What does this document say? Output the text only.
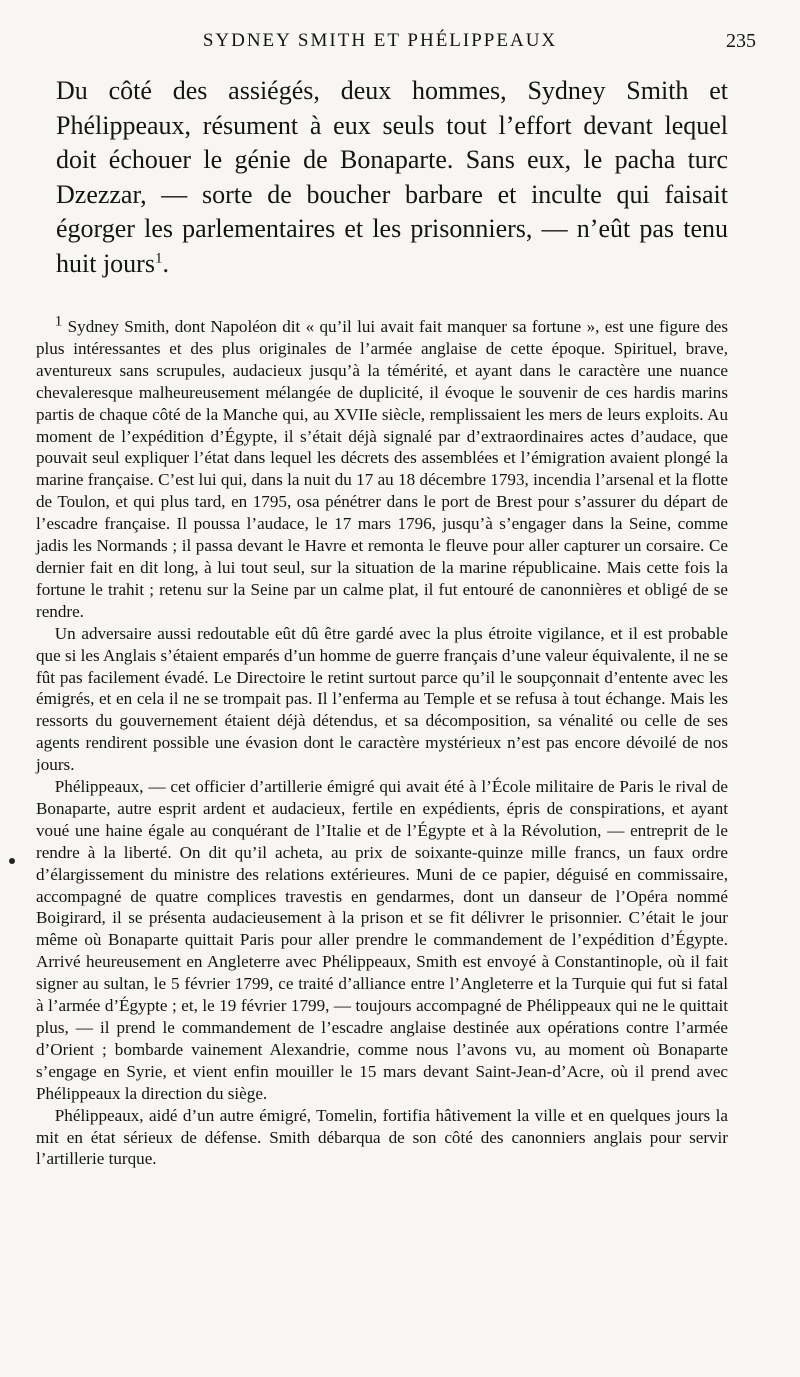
SYDNEY SMITH ET PHÉLIPPEAUX	235
Du côté des assiégés, deux hommes, Sydney Smith et Phélippeaux, résument à eux seuls tout l’effort devant lequel doit échouer le génie de Bonaparte. Sans eux, le pacha turc Dzezzar, — sorte de boucher barbare et inculte qui faisait égorger les parlementaires et les prisonniers, — n’eût pas tenu huit jours$^1$.

1 Sydney Smith, dont Napoléon dit « qu’il lui avait fait manquer sa fortune », est une figure des plus intéressantes et des plus originales de l’armée anglaise de cette époque. Spirituel, brave, aventureux sans scrupules, audacieux jusqu’à la témérité, et ayant dans le caractère une nuance chevaleresque malheureusement mélangée de duplicité, il évoque le souvenir de ces hardis marins partis de chaque côté de la Manche qui, au XVIIe siècle, remplissaient les mers de leurs exploits. Au moment de l’expédition d’Égypte, il s’était déjà signalé par d’extraordinaires actes d’audace, que pouvait seul expliquer l’état dans lequel les décrets des assemblées et l’émigration avaient plongé la marine française. C’est lui qui, dans la nuit du 17 au 18 décembre 1793, incendia l’arsenal et la flotte de Toulon, et qui plus tard, en 1795, osa pénétrer dans le port de Brest pour s’assurer du départ de l’escadre française. Il poussa l’audace, le 17 mars 1796, jusqu’à s’engager dans la Seine, comme jadis les Normands ; il passa devant le Havre et remonta le fleuve pour aller capturer un corsaire. Ce dernier fait en dit long, à lui tout seul, sur la situation de la marine républicaine. Mais cette fois la fortune le trahit ; retenu sur la Seine par un calme plat, il fut entouré de canonnières et obligé de se rendre.

Un adversaire aussi redoutable eût dû être gardé avec la plus étroite vigilance, et il est probable que si les Anglais s’étaient emparés d’un homme de guerre français d’une valeur équivalente, il ne se fût pas facilement évadé. Le Directoire le retint surtout parce qu’il le soupçonnait d’entente avec les émigrés, et en cela il ne se trompait pas. Il l’enferma au Temple et se refusa à tout échange. Mais les ressorts du gouvernement étaient déjà détendus, et sa décomposition, sa vénalité ou celle de ses agents rendirent possible une évasion dont le caractère mystérieux n’est pas encore dévoilé de nos jours.

Phélippeaux, — cet officier d’artillerie émigré qui avait été à l’École militaire de Paris le rival de Bonaparte, autre esprit ardent et audacieux, fertile en expédients, épris de conspirations, et ayant voué une haine égale au conquérant de l’Italie et de l’Égypte et à la Révolution, — entreprit de le rendre à la liberté. On dit qu’il acheta, au prix de soixante-quinze mille francs, un faux ordre d’élargissement du ministre des relations extérieures. Muni de ce papier, déguisé en commissaire, accompagné de quatre complices travestis en gendarmes, dont un danseur de l’Opéra nommé Boigirard, il se présenta audacieusement à la prison et se fit délivrer le prisonnier. C’était le jour même où Bonaparte quittait Paris pour aller prendre le commandement de l’expédition d’Égypte. Arrivé heureusement en Angleterre avec Phélippeaux, Smith est envoyé à Constantinople, où il fait signer au sultan, le 5 février 1799, ce traité d’alliance entre l’Angleterre et la Turquie qui fut si fatal à l’armée d’Égypte ; et, le 19 février 1799, — toujours accompagné de Phélippeaux qui ne le quittait plus, — il prend le commandement de l’escadre anglaise destinée aux opérations contre l’armée d’Orient ; bombarde vainement Alexandrie, comme nous l’avons vu, au moment où Bonaparte s’engage en Syrie, et vient enfin mouiller le 15 mars devant Saint-Jean-d’Acre, où il prend avec Phélippeaux la direction du siège.

Phélippeaux, aidé d’un autre émigré, Tomelin, fortifia hâtivement la ville et en quelques jours la mit en état sérieux de défense. Smith débarqua de son côté des canonniers anglais pour servir l’artillerie turque.
